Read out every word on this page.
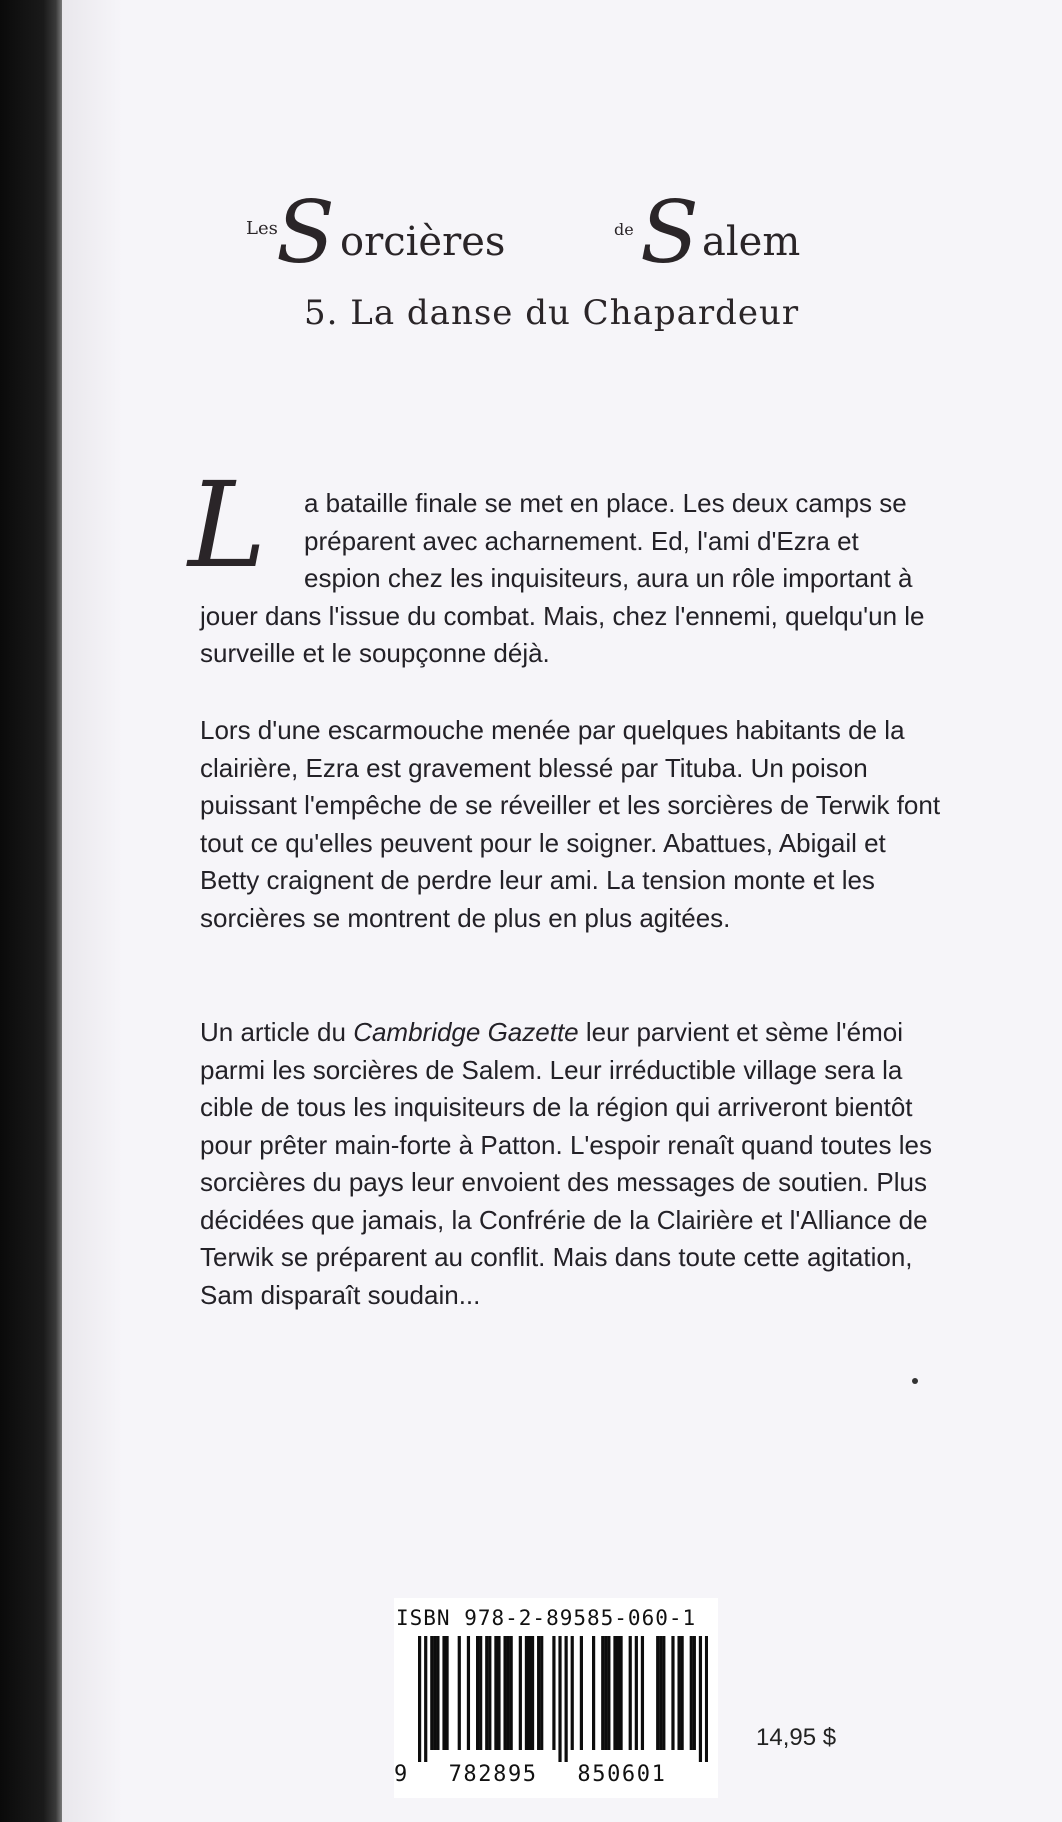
Les
S orcières	de S alem
5. La danse du Chapardeur
L	a bataille finale se met en place. Les deux camps se préparent avec acharnement. Ed, l'ami d'Ezra et espion chez les inquisiteurs, aura un rôle important à jouer dans l'issue du combat. Mais, chez l'ennemi, quelqu'un le surveille et le soupçonne déjà.
Lors d'une escarmouche menée par quelques habitants de la clairière, Ezra est gravement blessé par Tituba. Un poison puissant l'empêche de se réveiller et les sorcières de Terwik font tout ce qu'elles peuvent pour le soigner. Abattues, Abigail et Betty craignent de perdre leur ami. La tension monte et les sorcières se montrent de plus en plus agitées.
Un article du Cambridge Gazette leur parvient et sème l'émoi parmi les sorcières de Salem. Leur irréductible village sera la cible de tous les inquisiteurs de la région qui arriveront bientôt pour prêter main-forte à Patton. L'espoir renaît quand toutes les sorcières du pays leur envoient des messages de soutien. Plus décidées que jamais, la Confrérie de la Clairière et l'Alliance de Terwik se préparent au conflit. Mais dans toute cette agitation, Sam disparaît soudain...
ISBN 978-2-89585-060-1
9 782895 850601
14,95 $
